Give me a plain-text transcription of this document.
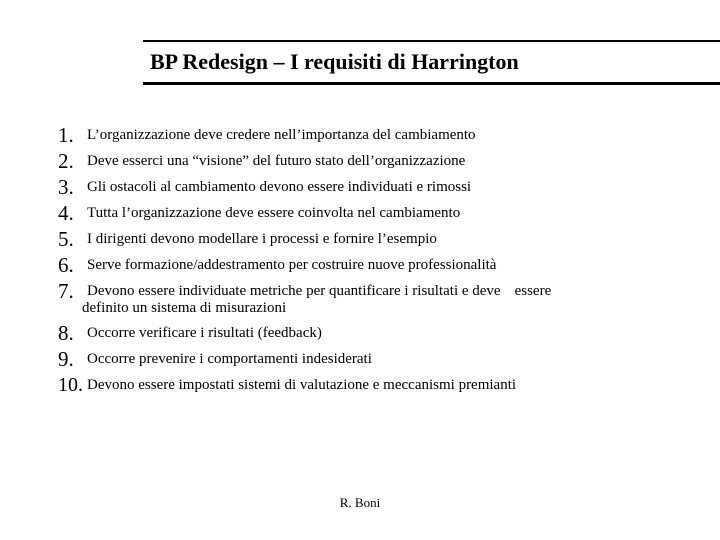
BP Redesign – I requisiti di Harrington
1. L’organizzazione deve credere nell’importanza del cambiamento
2. Deve esserci una “visione” del futuro stato dell’organizzazione
3. Gli ostacoli al cambiamento devono essere individuati e rimossi
4. Tutta l’organizzazione deve essere coinvolta nel cambiamento
5. I dirigenti devono modellare i processi e fornire l’esempio
6. Serve formazione/addestramento per costruire nuove professionalità
7. Devono essere individuate metriche per quantificare i risultati e deve essere
definito un sistema di misurazioni
8. Occorre verificare i risultati (feedback)
9. Occorre prevenire i comportamenti indesiderati
10. Devono essere impostati sistemi di valutazione e meccanismi premianti
R. Boni
